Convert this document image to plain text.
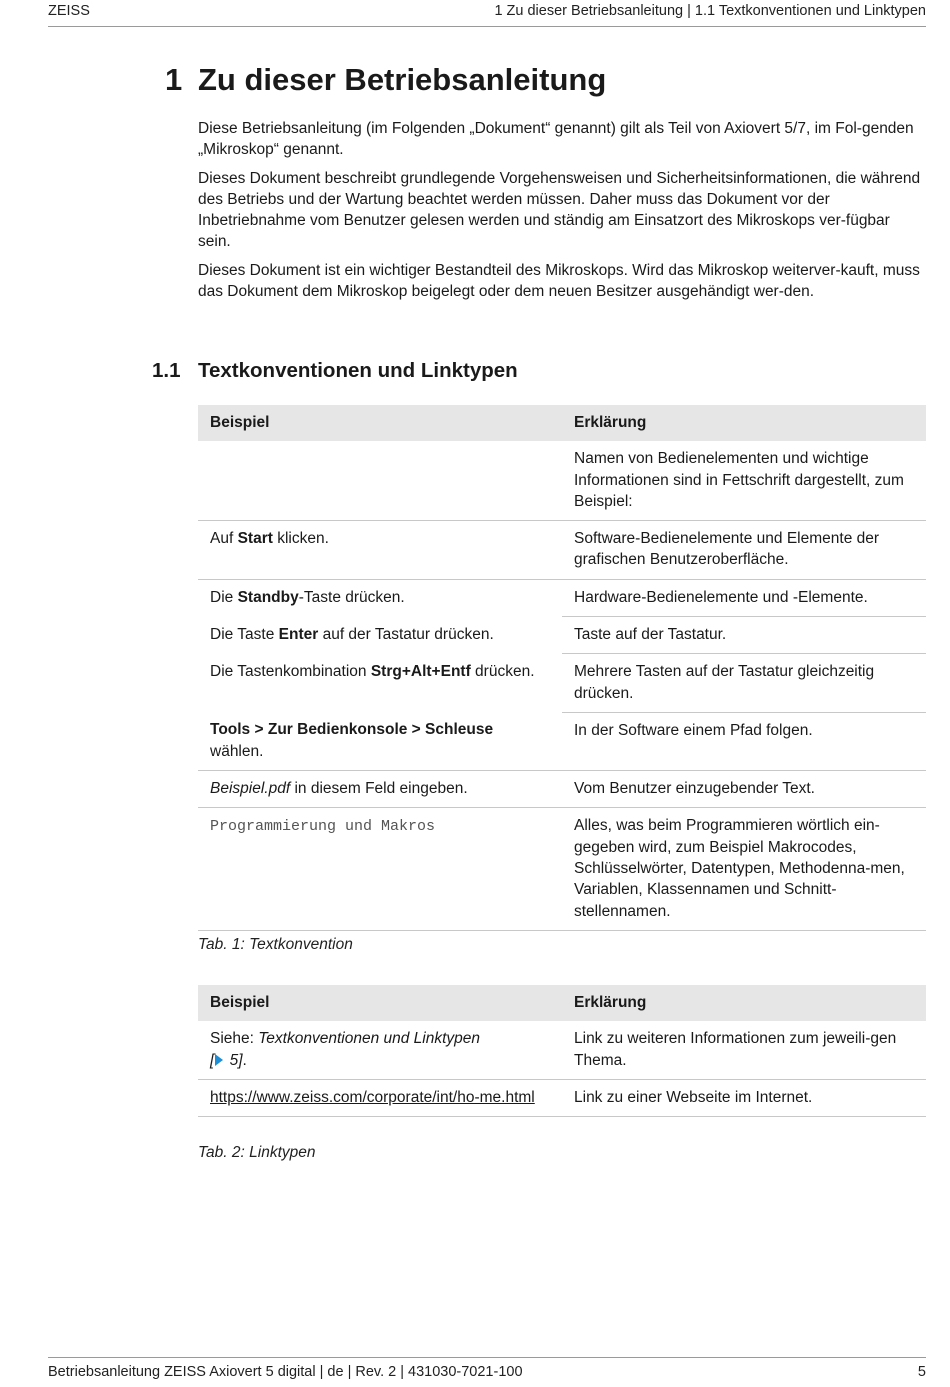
ZEISS	1 Zu dieser Betriebsanleitung | 1.1 Textkonventionen und Linktypen
1 Zu dieser Betriebsanleitung

Diese Betriebsanleitung (im Folgenden „Dokument“ genannt) gilt als Teil von Axiovert 5/7, im Fol-genden „Mikroskop“ genannt.

Dieses Dokument beschreibt grundlegende Vorgehensweisen und Sicherheitsinformationen, die während des Betriebs und der Wartung beachtet werden müssen. Daher muss das Dokument vor der Inbetriebnahme vom Benutzer gelesen werden und ständig am Einsatzort des Mikroskops ver-fügbar sein.

Dieses Dokument ist ein wichtiger Bestandteil des Mikroskops. Wird das Mikroskop weiterver-kauft, muss das Dokument dem Mikroskop beigelegt oder dem neuen Besitzer ausgehändigt wer-den.

1.1 Textkonventionen und Linktypen
Beispiel	Erklärung
	Namen von Bedienelementen und wichtige Informationen sind in Fettschrift dargestellt, zum Beispiel:
Auf Start klicken.	Software-Bedienelemente und Elemente der grafischen Benutzeroberfläche.
Die Standby-Taste drücken.	Hardware-Bedienelemente und -Elemente.
Die Taste Enter auf der Tastatur drücken.	Taste auf der Tastatur.
Die Tastenkombination Strg+Alt+Entf drücken.	Mehrere Tasten auf der Tastatur gleichzeitig drücken.
Tools > Zur Bedienkonsole > Schleuse wählen.	In der Software einem Pfad folgen.
Beispiel.pdf in diesem Feld eingeben.	Vom Benutzer einzugebender Text.
Programmierung und Makros	Alles, was beim Programmieren wörtlich ein-gegeben wird, zum Beispiel Makrocodes, Schlüsselwörter, Datentypen, Methodenna-men, Variablen, Klassennamen und Schnitt-stellennamen.
Tab. 1: Textkonvention
Beispiel	Erklärung
Siehe: Textkonventionen und Linktypen
[ 5].	Link zu weiteren Informationen zum jeweili-gen Thema.
https://www.zeiss.com/corporate/int/ho-me.html	Link zu einer Webseite im Internet.
Tab. 2: Linktypen
Betriebsanleitung ZEISS Axiovert 5 digital | de | Rev. 2 | 431030-7021-100	5
